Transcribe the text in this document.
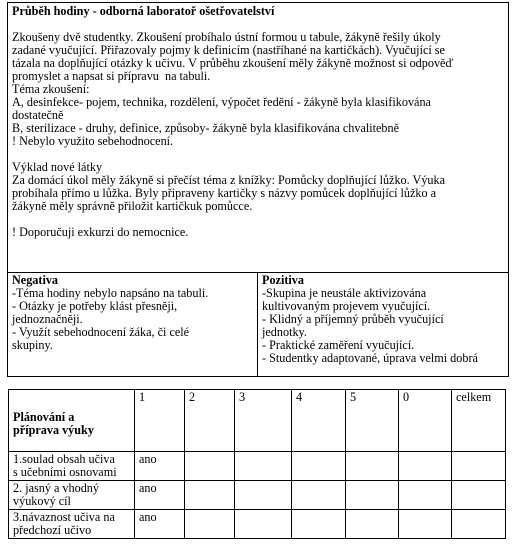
Průběh hodiny - odborná laboratoř ošetřovatelství
Zkoušeny dvě studentky. Zkoušení probíhalo ústní formou u tabule, žákyně řešily úkoly
zadané vyučující. Přiřazovaly pojmy k definicím (nastříhané na kartičkách). Vyučující se
tázala na doplňující otázky k učivu. V průběhu zkoušení měly žákyně možnost si odpověď
promyslet a napsat si přípravu  na tabuli.
Téma zkoušení:
A, desinfekce- pojem, technika, rozdělení, výpočet ředění - žákyně byla klasifikována
dostatečně
B, sterilizace - druhy, definice, způsoby- žákyně byla klasifikována chvalitebně
! Nebylo využito sebehodnocení.
Výklad nové látky
Za domácí úkol měly žákyně si přečíst téma z knížky: Pomůcky doplňující lůžko. Výuka
probíhala přímo u lůžka. Byly připraveny kartičky s názvy pomůcek doplňující lůžko a
žákyně měly správně přiložit kartičkuk pomůcce.
! Doporučuji exkurzi do nemocnice.

Negativa
-Téma hodiny nebylo napsáno na tabuli.
- Otázky je potřeby klást přesněji,
jednoznačněji.
- Využít sebehodnocení žáka, či celé
skupiny.

Pozitiva
-Skupina je neustále aktivizována
kultivovaným projevem vyučující.
- Klidný a příjemný průběh vyučující
jednotky.
- Praktické zaměření vyučující.
- Studentky adaptované, úprava velmi dobrá
Plánování a
příprava výuky	1	2	3	4	5	0	celkem

1.soulad obsah učiva
s učebními osnovami	ano						

2. jasný a vhodný
výukový cíl	ano						

3.návaznost učiva na
předchozí učivo	ano						
